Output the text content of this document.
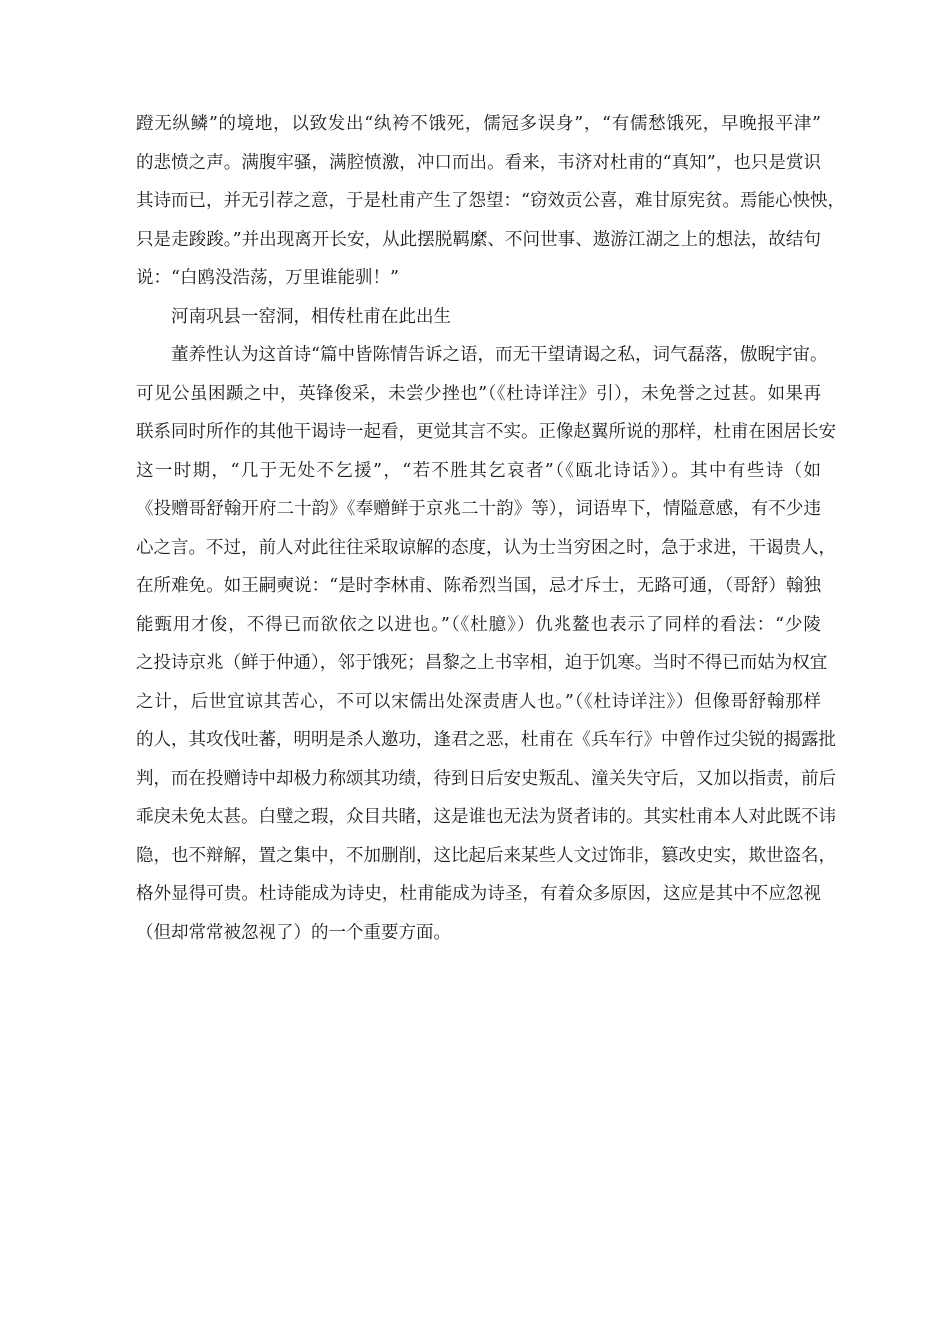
蹬无纵鳞”的境地，以致发出“纨袴不饿死，儒冠多误身”，“有儒愁饿死，早晚报平津”
的悲愤之声。满腹牢骚，满腔愤激，冲口而出。看来，韦济对杜甫的“真知”，也只是赏识
其诗而已，并无引荐之意，于是杜甫产生了怨望：“窃效贡公喜，难甘原宪贫。焉能心怏怏，
只是走踆踆。”并出现离开长安，从此摆脱羁縻、不问世事、遨游江湖之上的想法，故结句
说：“白鸥没浩荡，万里谁能驯！”
河南巩县一窑洞，相传杜甫在此出生
董养性认为这首诗“篇中皆陈情告诉之语，而无干望请谒之私，词气磊落，傲睨宇宙。
可见公虽困踬之中，英锋俊采，未尝少挫也”（《杜诗详注》引），未免誉之过甚。如果再
联系同时所作的其他干谒诗一起看，更觉其言不实。正像赵翼所说的那样，杜甫在困居长安
这一时期，“几于无处不乞援”，“若不胜其乞哀者”（《瓯北诗话》）。其中有些诗（如
《投赠哥舒翰开府二十韵》《奉赠鲜于京兆二十韵》等），词语卑下，情隘意感，有不少违
心之言。不过，前人对此往往采取谅解的态度，认为士当穷困之时，急于求进，干谒贵人，
在所难免。如王嗣奭说：“是时李林甫、陈希烈当国，忌才斥士，无路可通，（哥舒）翰独
能甄用才俊，不得已而欲依之以进也。”（《杜臆》）仇兆鳌也表示了同样的看法：“少陵
之投诗京兆（鲜于仲通），邻于饿死；昌黎之上书宰相，迫于饥寒。当时不得已而姑为权宜
之计，后世宜谅其苦心，不可以宋儒出处深责唐人也。”（《杜诗详注》）但像哥舒翰那样
的人，其攻伐吐蕃，明明是杀人邀功，逢君之恶，杜甫在《兵车行》中曾作过尖锐的揭露批
判，而在投赠诗中却极力称颂其功绩，待到日后安史叛乱、潼关失守后，又加以指责，前后
乖戾未免太甚。白璧之瑕，众目共睹，这是谁也无法为贤者讳的。其实杜甫本人对此既不讳
隐，也不辩解，置之集中，不加删削，这比起后来某些人文过饰非，篡改史实，欺世盗名，
格外显得可贵。杜诗能成为诗史，杜甫能成为诗圣，有着众多原因，这应是其中不应忽视
（但却常常被忽视了）的一个重要方面。
